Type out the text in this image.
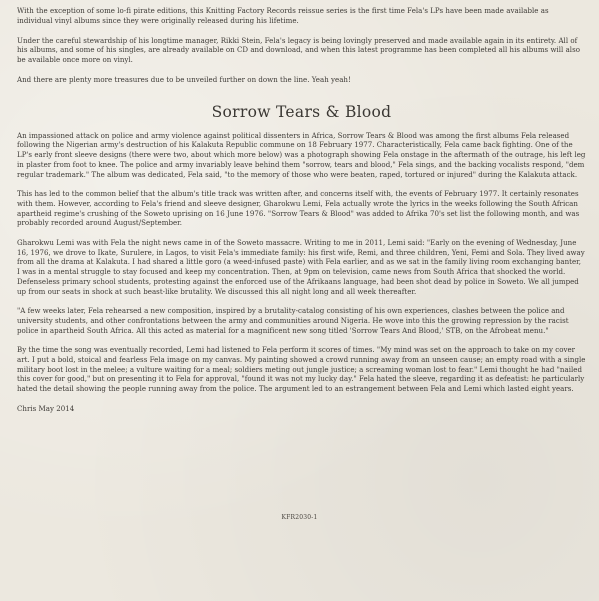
With the exception of some lo-fi pirate editions, this Knitting Factory Records reissue series is the first time Fela's LPs have been made available as individual vinyl albums since they were originally released during his lifetime.

Under the careful stewardship of his longtime manager, Rikki Stein, Fela's legacy is being lovingly preserved and made available again in its entirety. All of his albums, and some of his singles, are already available on CD and download, and when this latest programme has been completed all his albums will also be available once more on vinyl.

And there are plenty more treasures due to be unveiled further on down the line. Yeah yeah!

Sorrow Tears & Blood

An impassioned attack on police and army violence against political dissenters in Africa, Sorrow Tears & Blood was among the first albums Fela released following the Nigerian army's destruction of his Kalakuta Republic commune on 18 February 1977. Characteristically, Fela came back fighting. One of the LP's early front sleeve designs (there were two, about which more below) was a photograph showing Fela onstage in the aftermath of the outrage, his left leg in plaster from foot to knee. The police and army invariably leave behind them "sorrow, tears and blood," Fela sings, and the backing vocalists respond, "dem regular trademark." The album was dedicated, Fela said, "to the memory of those who were beaten, raped, tortured or injured" during the Kalakuta attack.

This has led to the common belief that the album's title track was written after, and concerns itself with, the events of February 1977. It certainly resonates with them. However, according to Fela's friend and sleeve designer, Gharokwu Lemi, Fela actually wrote the lyrics in the weeks following the South African apartheid regime's crushing of the Soweto uprising on 16 June 1976. "Sorrow Tears & Blood" was added to Afrika 70's set list the following month, and was probably recorded around August/September.

Gharokwu Lemi was with Fela the night news came in of the Soweto massacre. Writing to me in 2011, Lemi said: "Early on the evening of Wednesday, June 16, 1976, we drove to Ikate, Surulere, in Lagos, to visit Fela's immediate family: his first wife, Remi, and three children, Yeni, Femi and Sola. They lived away from all the drama at Kalakuta. I had shared a little goro (a weed-infused paste) with Fela earlier, and as we sat in the family living room exchanging banter, I was in a mental struggle to stay focused and keep my concentration. Then, at 9pm on television, came news from South Africa that shocked the world. Defenseless primary school students, protesting against the enforced use of the Afrikaans language, had been shot dead by police in Soweto. We all jumped up from our seats in shock at such beast-like brutality. We discussed this all night long and all week thereafter.

"A few weeks later, Fela rehearsed a new composition, inspired by a brutality-catalog consisting of his own experiences, clashes between the police and university students, and other confrontations between the army and communities around Nigeria. He wove into this the growing repression by the racist police in apartheid South Africa. All this acted as material for a magnificent new song titled 'Sorrow Tears And Blood,' STB, on the Afrobeat menu."

By the time the song was eventually recorded, Lemi had listened to Fela perform it scores of times. "My mind was set on the approach to take on my cover art. I put a bold, stoical and fearless Fela image on my canvas. My painting showed a crowd running away from an unseen cause; an empty road with a single military boot lost in the melee; a vulture waiting for a meal; soldiers meting out jungle justice; a screaming woman lost to fear." Lemi thought he had "nailed this cover for good," but on presenting it to Fela for approval, "found it was not my lucky day." Fela hated the sleeve, regarding it as defeatist: he particularly hated the detail showing the people running away from the police. The argument led to an estrangement between Fela and Lemi which lasted eight years.

Chris May 2014

KFR2030-1
